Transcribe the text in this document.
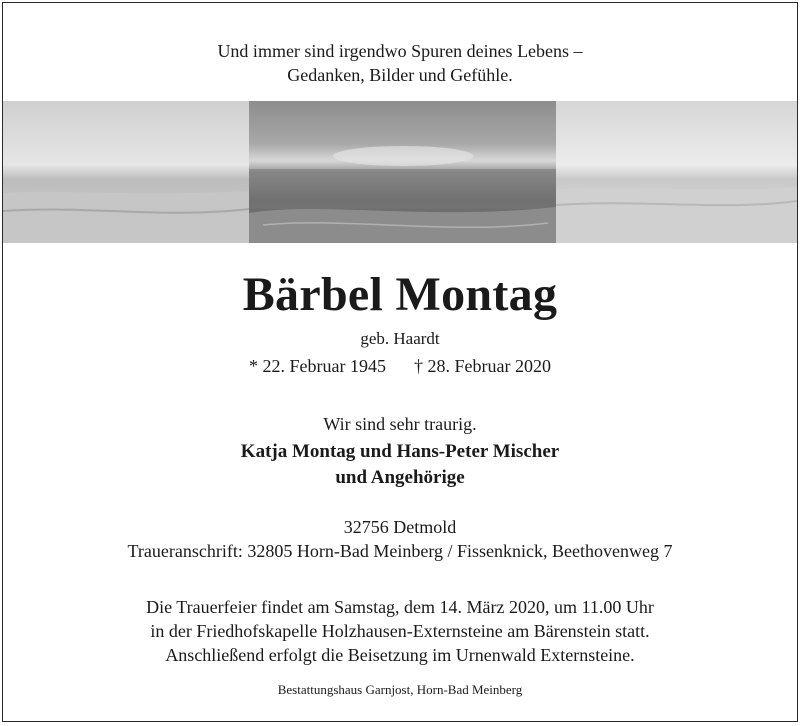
Und immer sind irgendwo Spuren deines Lebens –
Gedanken, Bilder und Gefühle.
Bärbel Montag
geb. Haardt
* 22. Februar 1945 † 28. Februar 2020
Wir sind sehr traurig.
Katja Montag und Hans-Peter Mischer
und Angehörige
32756 Detmold
Traueranschrift: 32805 Horn-Bad Meinberg / Fissenknick, Beethovenweg 7
Die Trauerfeier findet am Samstag, dem 14. März 2020, um 11.00 Uhr
in der Friedhofskapelle Holzhausen-Externsteine am Bärenstein statt.
Anschließend erfolgt die Beisetzung im Urnenwald Externsteine.
Bestattungshaus Garnjost, Horn-Bad Meinberg
